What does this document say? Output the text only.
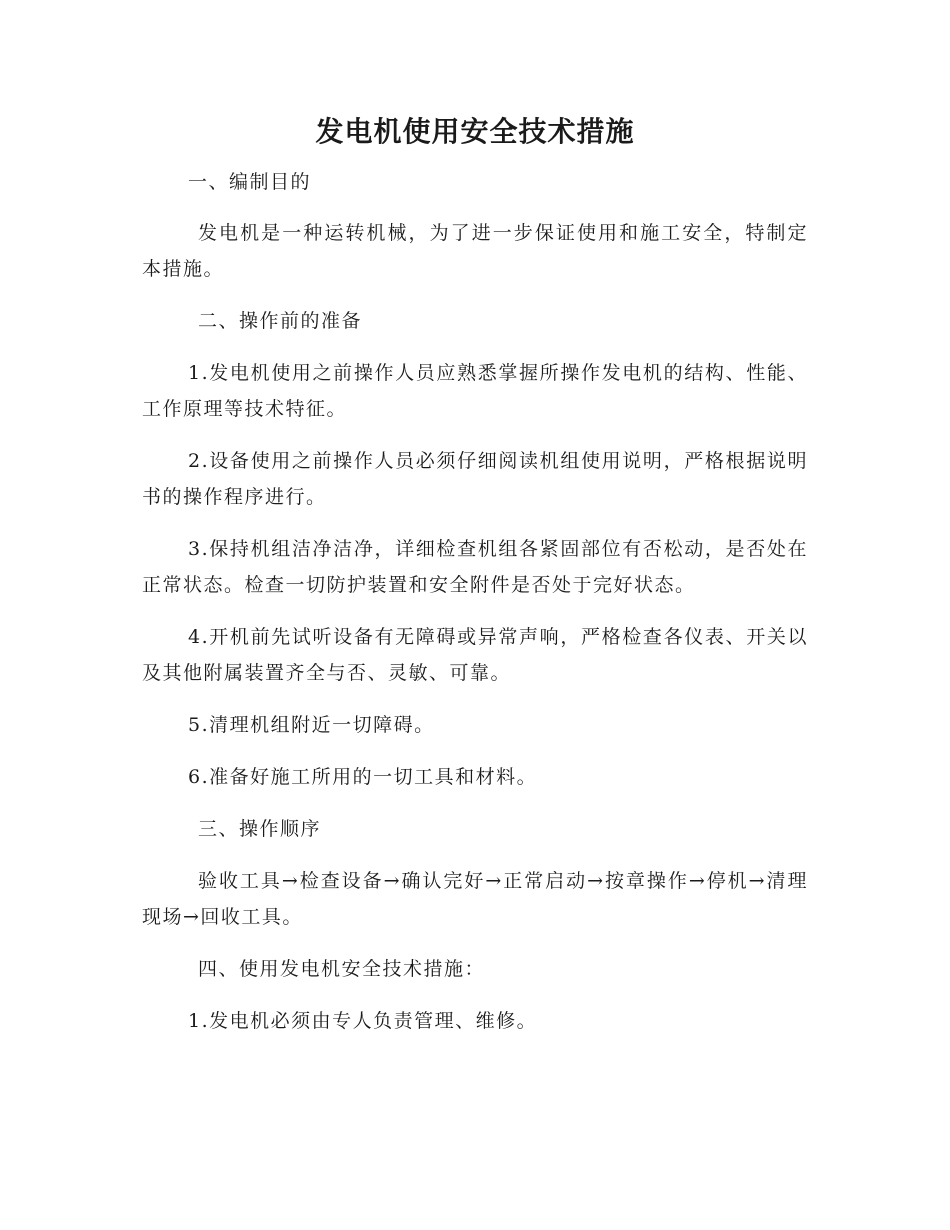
发电机使用安全技术措施

一、编制目的

发电机是一种运转机械，为了进一步保证使用和施工安全，特制定本措施。

二、操作前的准备

1.发电机使用之前操作人员应熟悉掌握所操作发电机的结构、性能、工作原理等技术特征。

2.设备使用之前操作人员必须仔细阅读机组使用说明，严格根据说明书的操作程序进行。

3.保持机组洁净洁净，详细检查机组各紧固部位有否松动，是否处在正常状态。检查一切防护装置和安全附件是否处于完好状态。

4.开机前先试听设备有无障碍或异常声响，严格检查各仪表、开关以及其他附属装置齐全与否、灵敏、可靠。

5.清理机组附近一切障碍。

6.准备好施工所用的一切工具和材料。

三、操作顺序

验收工具→检查设备→确认完好→正常启动→按章操作→停机→清理现场→回收工具。

四、使用发电机安全技术措施：

1.发电机必须由专人负责管理、维修。
